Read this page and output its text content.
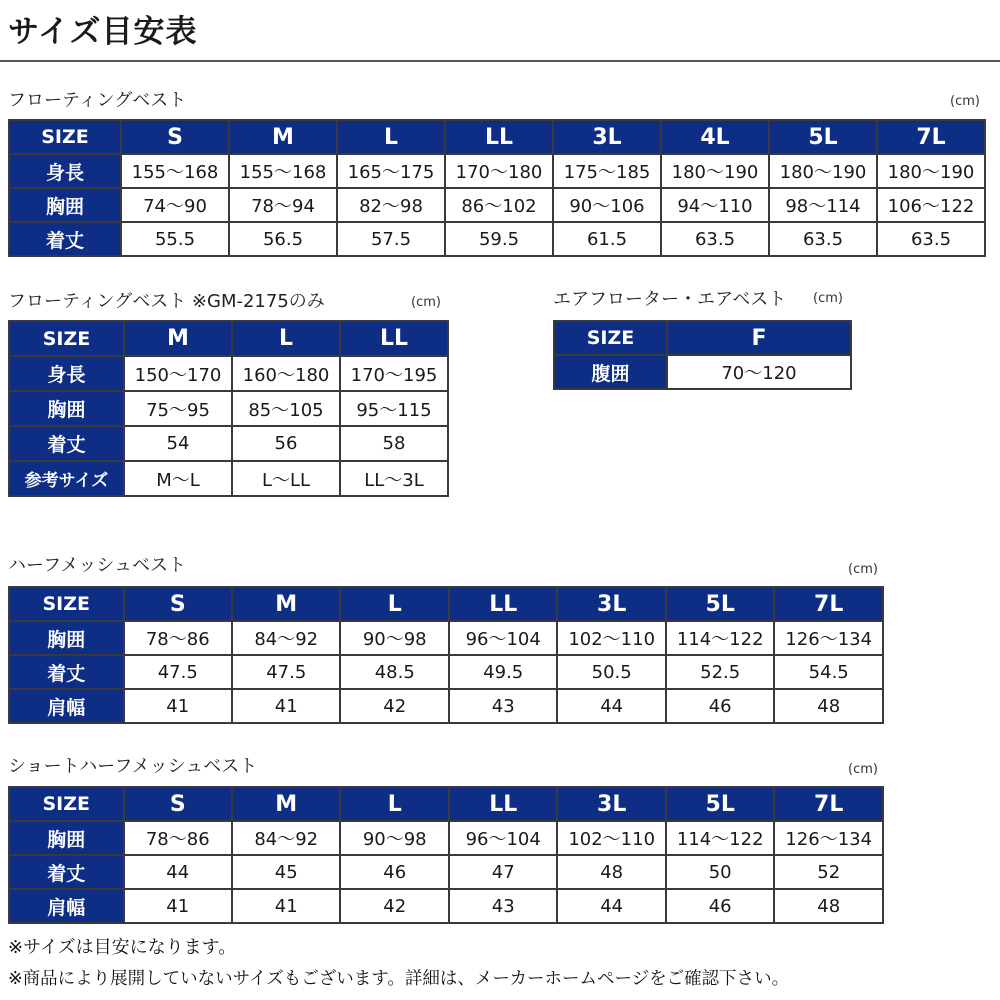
サイズ目安表
フローティングベスト	(cm)
SIZE	S	M	L	LL	3L	4L	5L	7L
身長	155〜168	155〜168	165〜175	170〜180	175〜185	180〜190	180〜190	180〜190
胸囲	74〜90	78〜94	82〜98	86〜102	90〜106	94〜110	98〜114	106〜122
着丈	55.5	56.5	57.5	59.5	61.5	63.5	63.5	63.5
フローティングベスト ※GM-2175のみ	(cm)
SIZE	M	L	LL
身長	150〜170	160〜180	170〜195
胸囲	75〜95	85〜105	95〜115
着丈	54	56	58
参考サイズ	M〜L	L〜LL	LL〜3L
エアフローター・エアベスト (cm)
SIZE	F
腹囲	70〜120
ハーフメッシュベスト	(cm)
SIZE	S	M	L	LL	3L	5L	7L
胸囲	78〜86	84〜92	90〜98	96〜104	102〜110	114〜122	126〜134
着丈	47.5	47.5	48.5	49.5	50.5	52.5	54.5
肩幅	41	41	42	43	44	46	48
ショートハーフメッシュベスト	(cm)
SIZE	S	M	L	LL	3L	5L	7L
胸囲	78〜86	84〜92	90〜98	96〜104	102〜110	114〜122	126〜134
着丈	44	45	46	47	48	50	52
肩幅	41	41	42	43	44	46	48
※サイズは目安になります。
※商品により展開していないサイズもございます。詳細は、メーカーホームページをご確認下さい。
